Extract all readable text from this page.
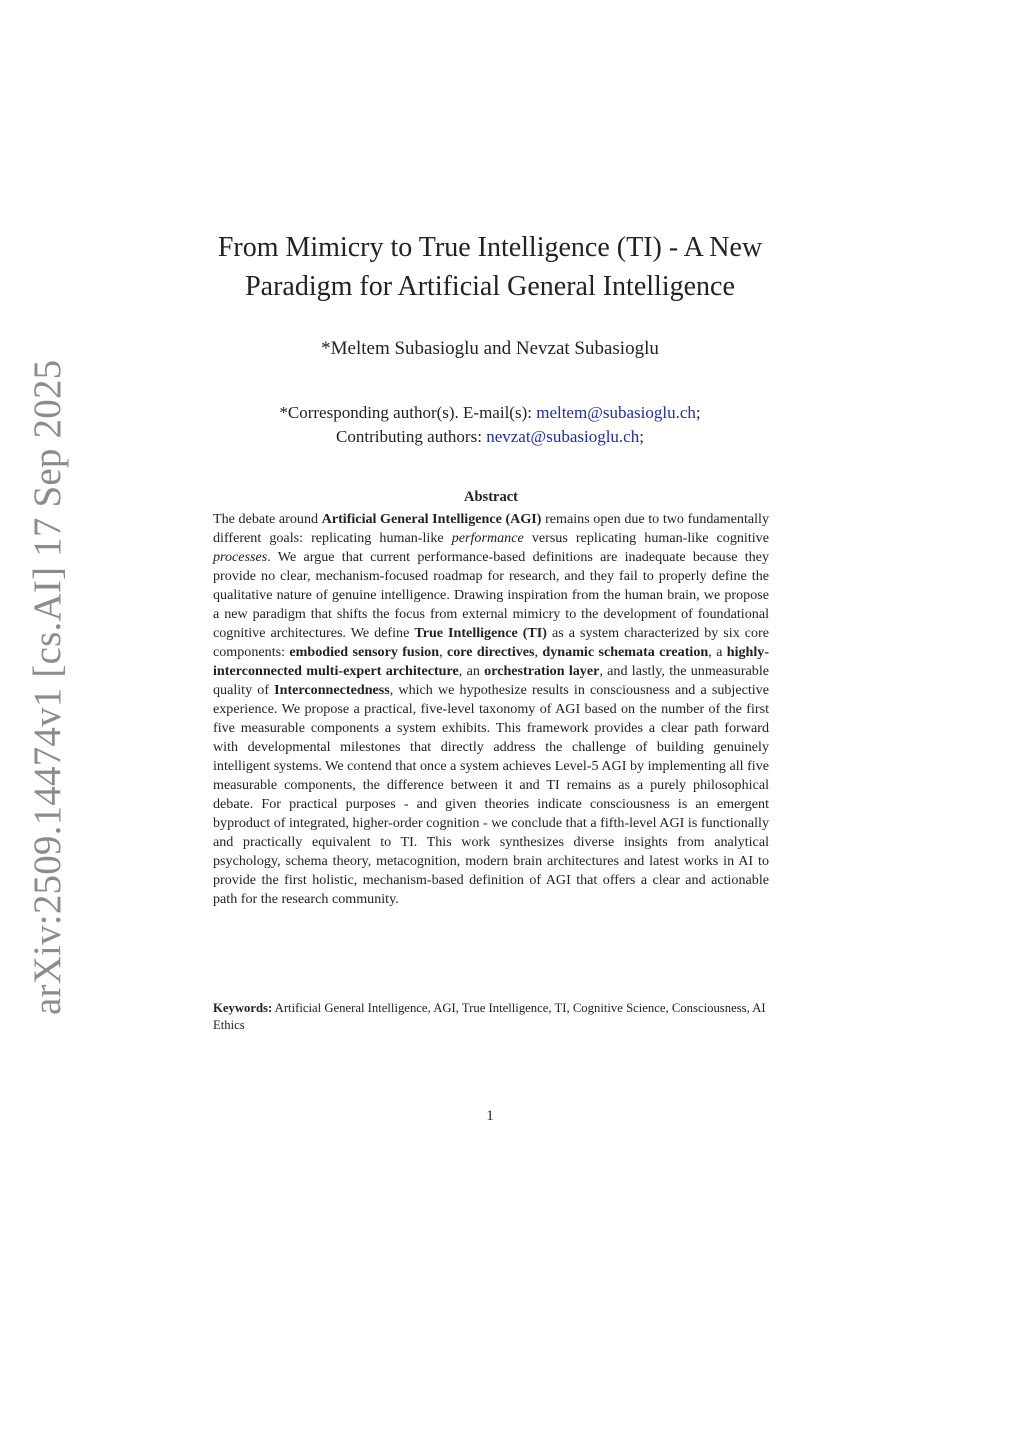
arXiv:2509.14474v1 [cs.AI] 17 Sep 2025
From Mimicry to True Intelligence (TI) - A New
Paradigm for Artificial General Intelligence
*Meltem Subasioglu and Nevzat Subasioglu
*Corresponding author(s). E-mail(s): meltem@subasioglu.ch;
Contributing authors: nevzat@subasioglu.ch;
Abstract
The debate around Artificial General Intelligence (AGI) remains open due to two fundamentally different goals: replicating human-like performance versus replicating human-like cognitive processes. We argue that current performance-based definitions are inadequate because they provide no clear, mechanism-focused roadmap for research, and they fail to properly define the qualitative nature of genuine intelligence. Drawing inspiration from the human brain, we propose a new paradigm that shifts the focus from external mimicry to the development of foundational cognitive architectures. We define True Intelligence (TI) as a system characterized by six core components: embodied sensory fusion, core directives, dynamic schemata creation, a highly-interconnected multi-expert architecture, an orchestration layer, and lastly, the unmeasurable quality of Interconnectedness, which we hypothesize results in consciousness and a subjective experience. We propose a practical, five-level taxonomy of AGI based on the number of the first five measurable components a system exhibits. This framework provides a clear path forward with developmental milestones that directly address the challenge of building genuinely intelligent systems. We contend that once a system achieves Level-5 AGI by implementing all five measurable components, the difference between it and TI remains as a purely philosophical debate. For practical purposes - and given theories indicate consciousness is an emergent byproduct of integrated, higher-order cognition - we conclude that a fifth-level AGI is functionally and practically equivalent to TI. This work synthesizes diverse insights from analytical psychology, schema theory, metacognition, modern brain architectures and latest works in AI to provide the first holistic, mechanism-based definition of AGI that offers a clear and actionable path for the research community.
Keywords: Artificial General Intelligence, AGI, True Intelligence, TI, Cognitive Science, Consciousness, AI Ethics
1
